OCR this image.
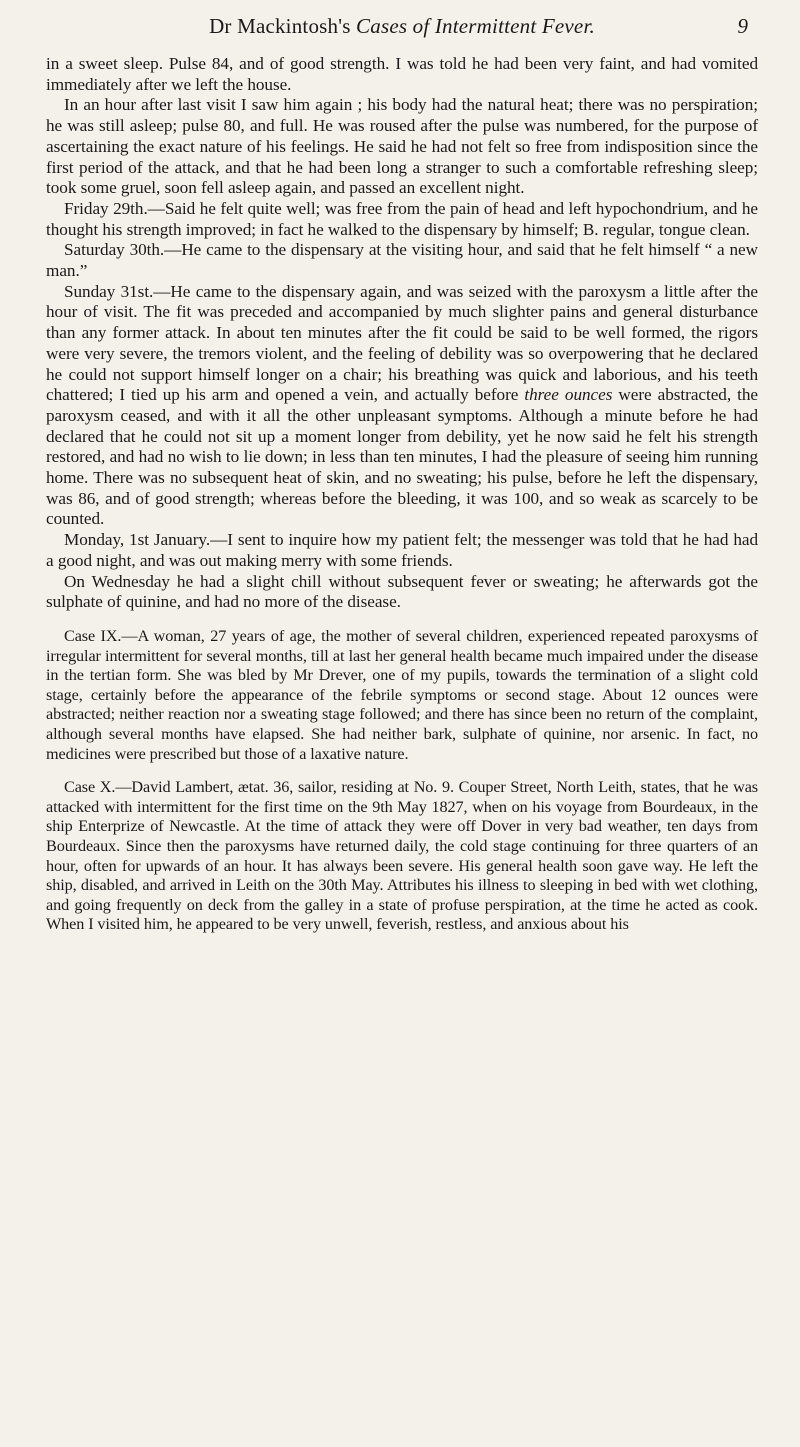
Dr Mackintosh's Cases of Intermittent Fever.	9

in a sweet sleep. Pulse 84, and of good strength. I was told he had been very faint, and had vomited immediately after we left the house.

In an hour after last visit I saw him again ; his body had the natural heat; there was no perspiration; he was still asleep; pulse 80, and full. He was roused after the pulse was numbered, for the purpose of ascertaining the exact nature of his feelings. He said he had not felt so free from indisposition since the first period of the attack, and that he had been long a stranger to such a comfortable refreshing sleep; took some gruel, soon fell asleep again, and passed an excellent night.

Friday 29th.—Said he felt quite well; was free from the pain of head and left hypochondrium, and he thought his strength improved; in fact he walked to the dispensary by himself; B. regular, tongue clean.

Saturday 30th.—He came to the dispensary at the visiting hour, and said that he felt himself “ a new man.”

Sunday 31st.—He came to the dispensary again, and was seized with the paroxysm a little after the hour of visit. The fit was preceded and accompanied by much slighter pains and general disturbance than any former attack. In about ten minutes after the fit could be said to be well formed, the rigors were very severe, the tremors violent, and the feeling of debility was so overpowering that he declared he could not support himself longer on a chair; his breathing was quick and laborious, and his teeth chattered; I tied up his arm and opened a vein, and actually before three ounces were abstracted, the paroxysm ceased, and with it all the other unpleasant symptoms. Although a minute before he had declared that he could not sit up a moment longer from debility, yet he now said he felt his strength restored, and had no wish to lie down; in less than ten minutes, I had the pleasure of seeing him running home. There was no subsequent heat of skin, and no sweating; his pulse, before he left the dispensary, was 86, and of good strength; whereas before the bleeding, it was 100, and so weak as scarcely to be counted.

Monday, 1st January.—I sent to inquire how my patient felt; the messenger was told that he had had a good night, and was out making merry with some friends.

On Wednesday he had a slight chill without subsequent fever or sweating; he afterwards got the sulphate of quinine, and had no more of the disease.

Case IX.—A woman, 27 years of age, the mother of several children, experienced repeated paroxysms of irregular intermittent for several months, till at last her general health became much impaired under the disease in the tertian form. She was bled by Mr Drever, one of my pupils, towards the termination of a slight cold stage, certainly before the appearance of the febrile symptoms or second stage. About 12 ounces were abstracted; neither reaction nor a sweating stage followed; and there has since been no return of the complaint, although several months have elapsed. She had neither bark, sulphate of quinine, nor arsenic. In fact, no medicines were prescribed but those of a laxative nature.

Case X.—David Lambert, ætat. 36, sailor, residing at No. 9. Couper Street, North Leith, states, that he was attacked with intermittent for the first time on the 9th May 1827, when on his voyage from Bourdeaux, in the ship Enterprize of Newcastle. At the time of attack they were off Dover in very bad weather, ten days from Bourdeaux. Since then the paroxysms have returned daily, the cold stage continuing for three quarters of an hour, often for upwards of an hour. It has always been severe. His general health soon gave way. He left the ship, disabled, and arrived in Leith on the 30th May. Attributes his illness to sleeping in bed with wet clothing, and going frequently on deck from the galley in a state of profuse perspiration, at the time he acted as cook. When I visited him, he appeared to be very unwell, feverish, restless, and anxious about his
